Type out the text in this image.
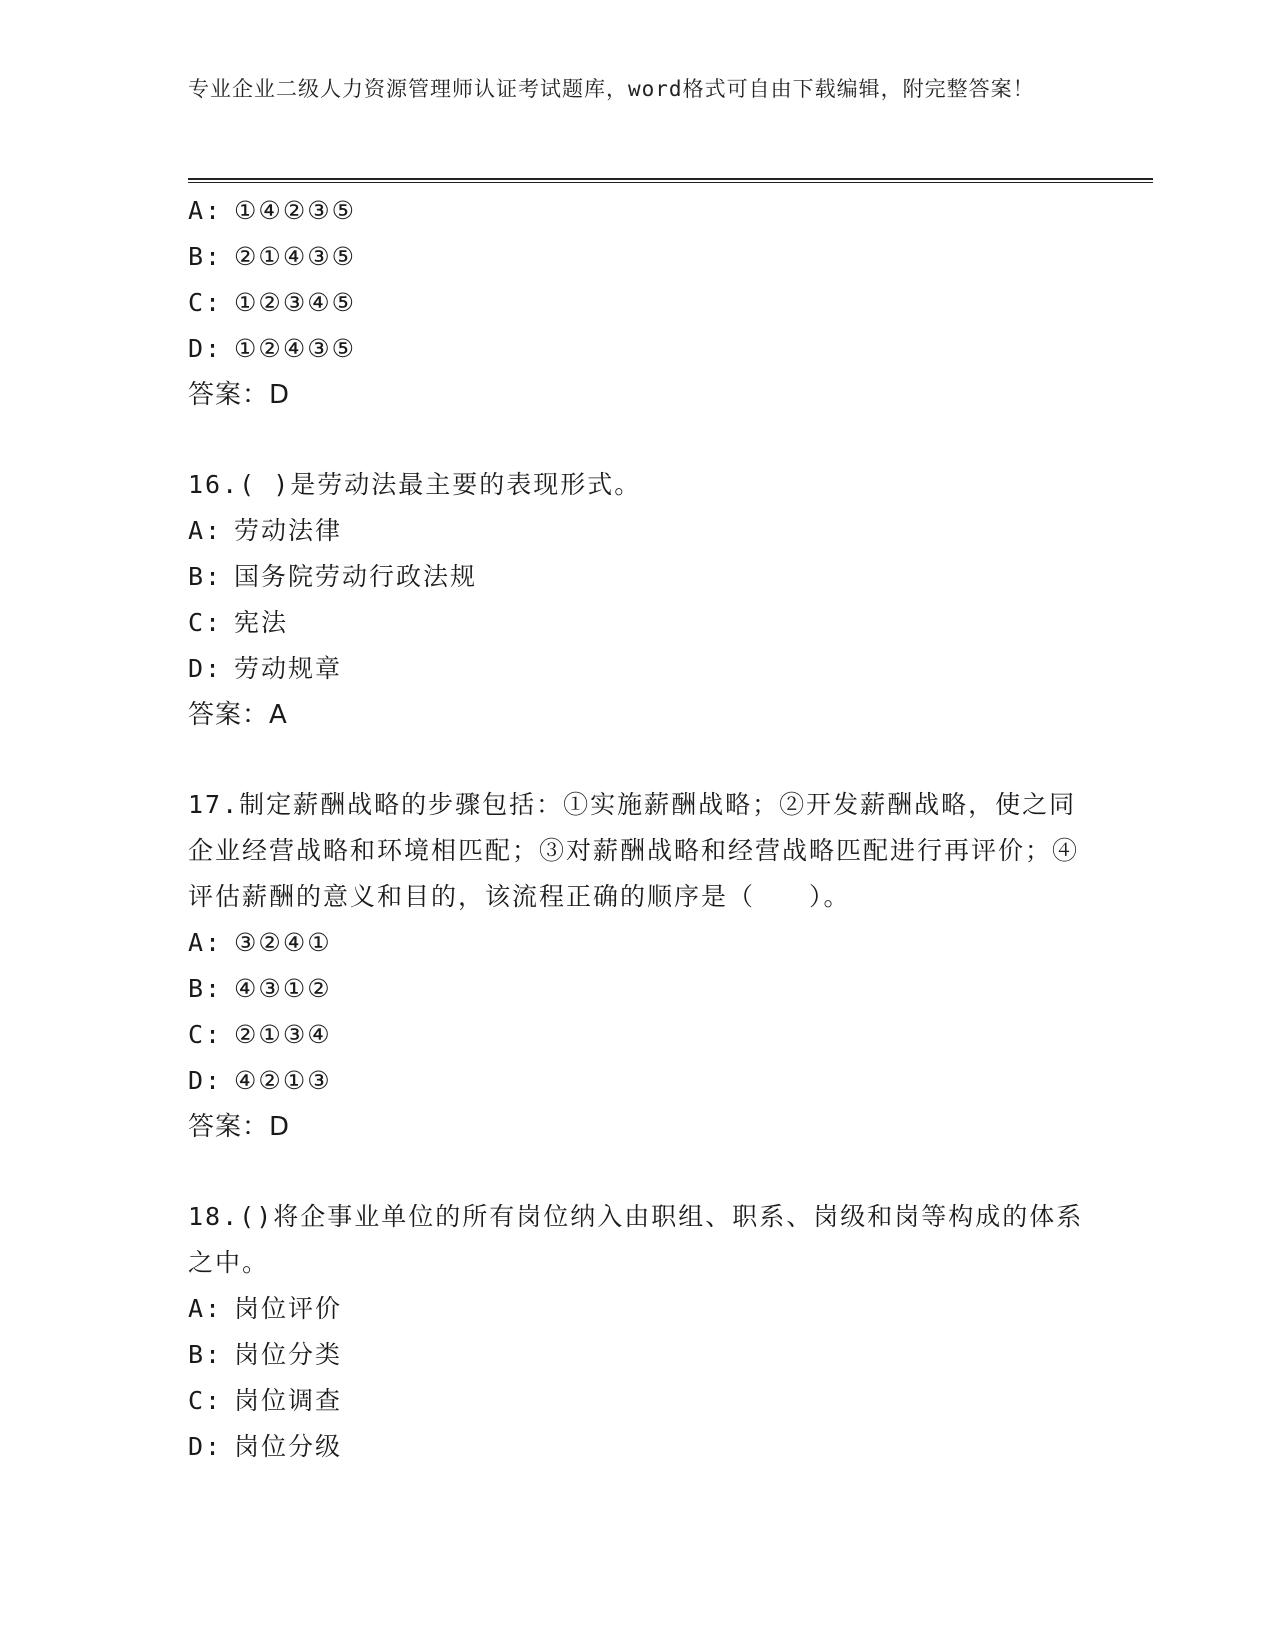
专业企业二级人力资源管理师认证考试题库，word格式可自由下载编辑，附完整答案！
A: ①④②③⑤
B: ②①④③⑤
C: ①②③④⑤
D: ①②④③⑤
答案：D
16.( )是劳动法最主要的表现形式。
A: 劳动法律
B: 国务院劳动行政法规
C: 宪法
D: 劳动规章
答案：A
17.制定薪酬战略的步骤包括：①实施薪酬战略；②开发薪酬战略，使之同企业经营战略和环境相匹配；③对薪酬战略和经营战略匹配进行再评价；④评估薪酬的意义和目的，该流程正确的顺序是（　　）。
A: ③②④①
B: ④③①②
C: ②①③④
D: ④②①③
答案：D
18.()将企事业单位的所有岗位纳入由职组、职系、岗级和岗等构成的体系之中。
A: 岗位评价
B: 岗位分类
C: 岗位调查
D: 岗位分级
